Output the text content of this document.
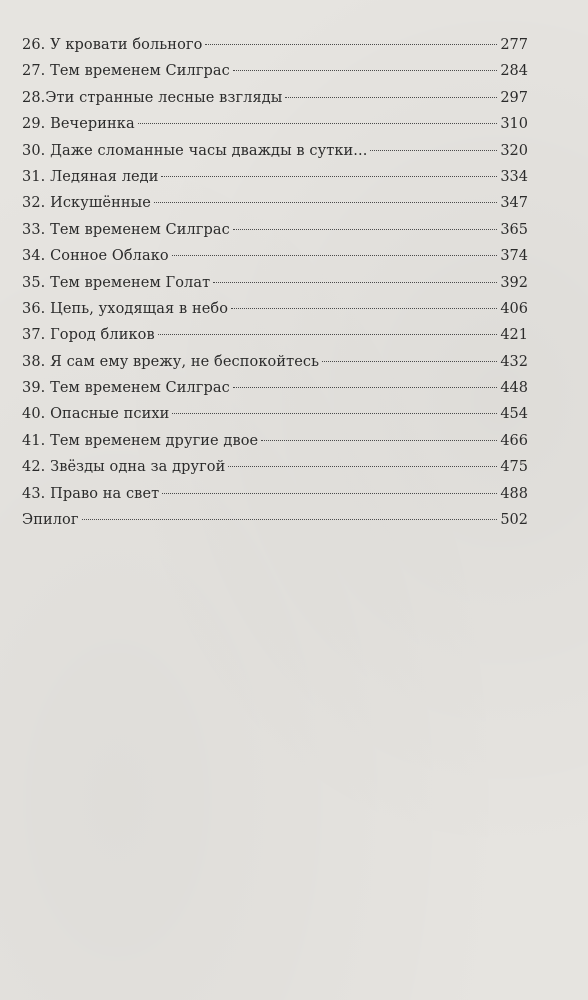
26. У кровати больного	277
27. Тем временем Силграс	284
28.Эти странные лесные взгляды	297
29. Вечеринка	310
30. Даже сломанные часы дважды в сутки...	320
31. Ледяная леди	334
32. Искушённые	347
33. Тем временем Силграс	365
34. Сонное Облако	374
35. Тем временем Голат	392
36. Цепь, уходящая в небо	406
37. Город бликов	421
38. Я сам ему врежу, не беспокойтесь	432
39. Тем временем Силграс	448
40. Опасные психи	454
41. Тем временем другие двое	466
42. Звёзды одна за другой	475
43. Право на свет	488
Эпилог	502
